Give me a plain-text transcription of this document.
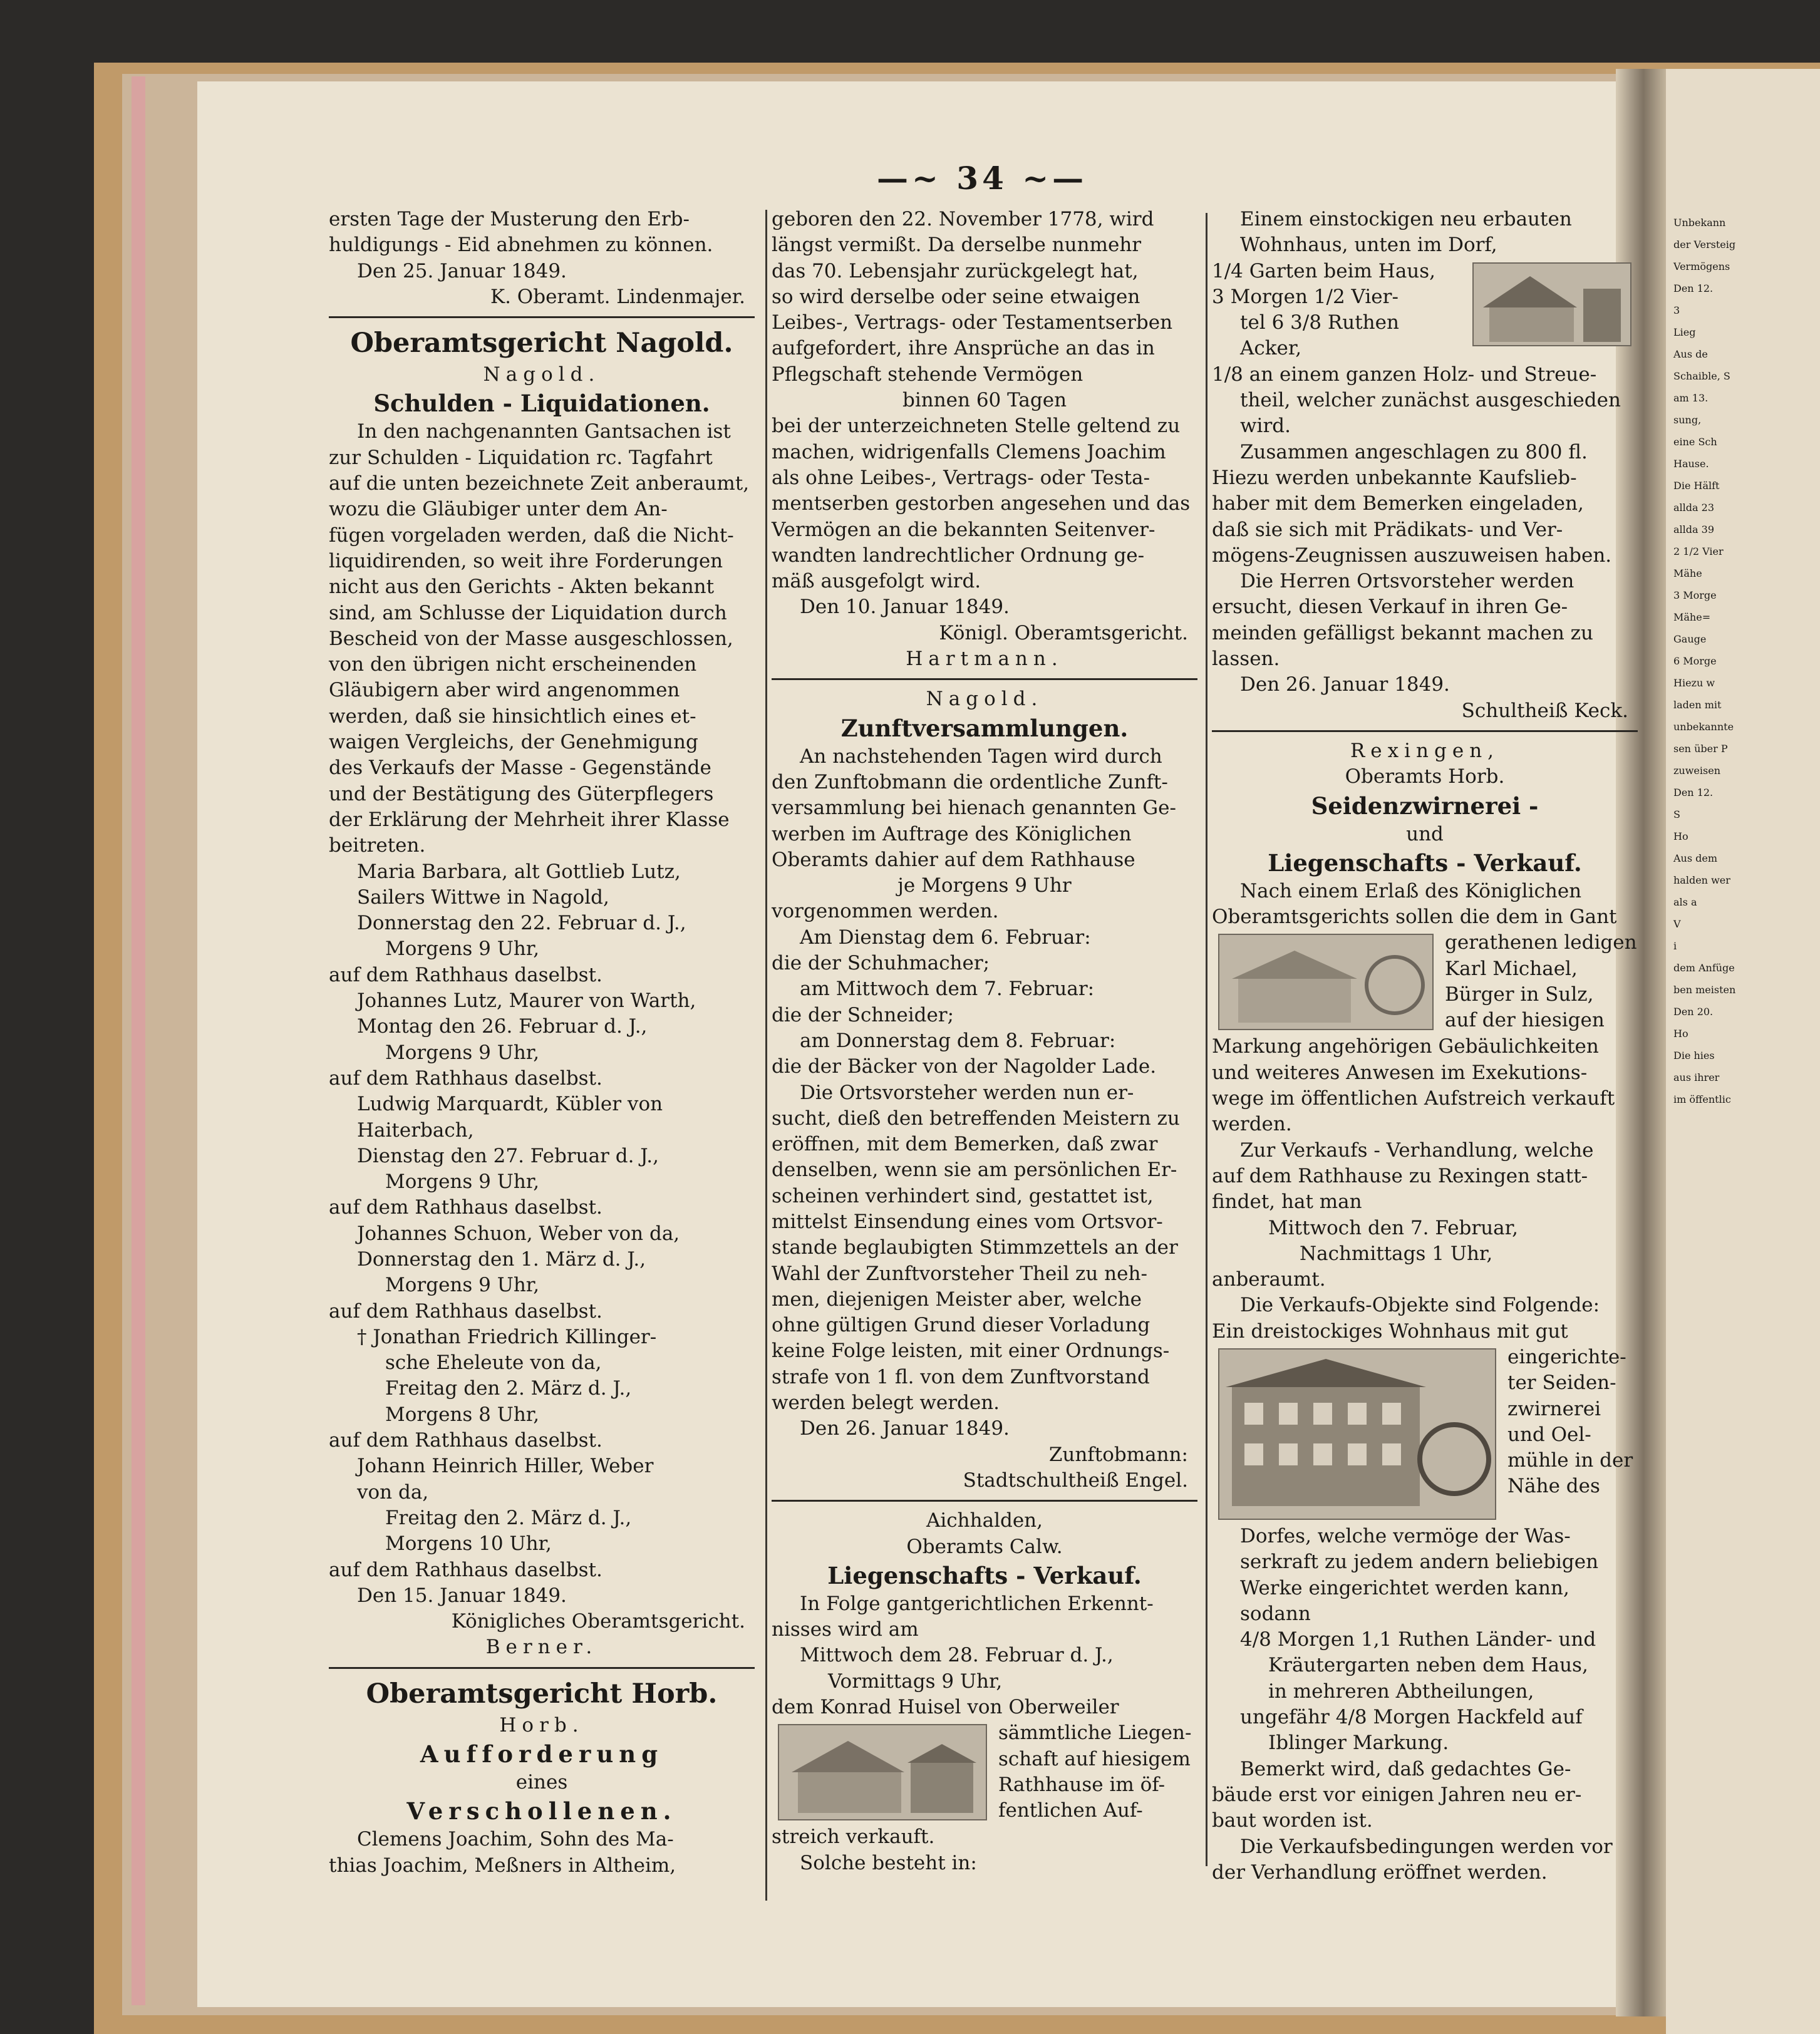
—~ 34 ~—

ersten Tage der Musterung den Erb-

huldigungs - Eid abnehmen zu können.

Den 25. Januar 1849.

K. Oberamt. Lindenmajer.

Oberamtsgericht Nagold.

Nagold.

Schulden - Liquidationen.

In den nachgenannten Gantsachen ist

zur Schulden - Liquidation rc. Tagfahrt

auf die unten bezeichnete Zeit anberaumt,

wozu die Gläubiger unter dem An-

fügen vorgeladen werden, daß die Nicht-

liquidirenden, so weit ihre Forderungen

nicht aus den Gerichts - Akten bekannt

sind, am Schlusse der Liquidation durch

Bescheid von der Masse ausgeschlossen,

von den übrigen nicht erscheinenden

Gläubigern aber wird angenommen

werden, daß sie hinsichtlich eines et-

waigen Vergleichs, der Genehmigung

des Verkaufs der Masse - Gegenstände

und der Bestätigung des Güterpflegers

der Erklärung der Mehrheit ihrer Klasse

beitreten.

Maria Barbara, alt Gottlieb Lutz,

Sailers Wittwe in Nagold,

Donnerstag den 22. Februar d. J.,

Morgens 9 Uhr,

auf dem Rathhaus daselbst.

Johannes Lutz, Maurer von Warth,

Montag den 26. Februar d. J.,

Morgens 9 Uhr,

auf dem Rathhaus daselbst.

Ludwig Marquardt, Kübler von

Haiterbach,

Dienstag den 27. Februar d. J.,

Morgens 9 Uhr,

auf dem Rathhaus daselbst.

Johannes Schuon, Weber von da,

Donnerstag den 1. März d. J.,

Morgens 9 Uhr,

auf dem Rathhaus daselbst.

† Jonathan Friedrich Killinger-

sche Eheleute von da,

Freitag den 2. März d. J.,

Morgens 8 Uhr,

auf dem Rathhaus daselbst.

Johann Heinrich Hiller, Weber

von da,

Freitag den 2. März d. J.,

Morgens 10 Uhr,

auf dem Rathhaus daselbst.

Den 15. Januar 1849.

Königliches Oberamtsgericht.

Berner.

Oberamtsgericht Horb.

Horb.

Aufforderung

eines

Verschollenen.

Clemens Joachim, Sohn des Ma-

thias Joachim, Meßners in Altheim,

geboren den 22. November 1778, wird

längst vermißt. Da derselbe nunmehr

das 70. Lebensjahr zurückgelegt hat,

so wird derselbe oder seine etwaigen

Leibes-, Vertrags- oder Testamentserben

aufgefordert, ihre Ansprüche an das in

Pflegschaft stehende Vermögen

binnen 60 Tagen

bei der unterzeichneten Stelle geltend zu

machen, widrigenfalls Clemens Joachim

als ohne Leibes-, Vertrags- oder Testa-

mentserben gestorben angesehen und das

Vermögen an die bekannten Seitenver-

wandten landrechtlicher Ordnung ge-

mäß ausgefolgt wird.

Den 10. Januar 1849.

Königl. Oberamtsgericht.

Hartmann.

Nagold.

Zunftversammlungen.

An nachstehenden Tagen wird durch

den Zunftobmann die ordentliche Zunft-

versammlung bei hienach genannten Ge-

werben im Auftrage des Königlichen

Oberamts dahier auf dem Rathhause

je Morgens 9 Uhr

vorgenommen werden.

Am Dienstag dem 6. Februar:

die der Schuhmacher;

am Mittwoch dem 7. Februar:

die der Schneider;

am Donnerstag dem 8. Februar:

die der Bäcker von der Nagolder Lade.

Die Ortsvorsteher werden nun er-

sucht, dieß den betreffenden Meistern zu

eröffnen, mit dem Bemerken, daß zwar

denselben, wenn sie am persönlichen Er-

scheinen verhindert sind, gestattet ist,

mittelst Einsendung eines vom Ortsvor-

stande beglaubigten Stimmzettels an der

Wahl der Zunftvorsteher Theil zu neh-

men, diejenigen Meister aber, welche

ohne gültigen Grund dieser Vorladung

keine Folge leisten, mit einer Ordnungs-

strafe von 1 fl. von dem Zunftvorstand

werden belegt werden.

Den 26. Januar 1849.

Zunftobmann:

Stadtschultheiß Engel.

Aichhalden,

Oberamts Calw.

Liegenschafts - Verkauf.

In Folge gantgerichtlichen Erkennt-

nisses wird am

Mittwoch dem 28. Februar d. J.,

Vormittags 9 Uhr,

dem Konrad Huisel von Oberweiler

sämmtliche Liegen-

schaft auf hiesigem

Rathhause im öf-

fentlichen Auf-

streich verkauft.

Solche besteht in:

Einem einstockigen neu erbauten

Wohnhaus, unten im Dorf,

1/4 Garten beim Haus,

3 Morgen 1/2 Vier-

tel 6 3/8 Ruthen

Acker,

1/8 an einem ganzen Holz- und Streue-

theil, welcher zunächst ausgeschieden

wird.

Zusammen angeschlagen zu 800 fl.

Hiezu werden unbekannte Kaufslieb-

haber mit dem Bemerken eingeladen,

daß sie sich mit Prädikats- und Ver-

mögens-Zeugnissen auszuweisen haben.

Die Herren Ortsvorsteher werden

ersucht, diesen Verkauf in ihren Ge-

meinden gefälligst bekannt machen zu

lassen.

Den 26. Januar 1849.

Schultheiß Keck.

Rexingen,

Oberamts Horb.

Seidenzwirnerei -

und

Liegenschafts - Verkauf.

Nach einem Erlaß des Königlichen

Oberamtsgerichts sollen die dem in Gant

gerathenen ledigen

Karl Michael,

Bürger in Sulz,

auf der hiesigen

Markung angehörigen Gebäulichkeiten

und weiteres Anwesen im Exekutions-

wege im öffentlichen Aufstreich verkauft

werden.

Zur Verkaufs - Verhandlung, welche

auf dem Rathhause zu Rexingen statt-

findet, hat man

Mittwoch den 7. Februar,

Nachmittags 1 Uhr,

anberaumt.

Die Verkaufs-Objekte sind Folgende:

Ein dreistockiges Wohnhaus mit gut

eingerichte-

ter Seiden-

zwirnerei

und Oel-

mühle in der

Nähe des

Dorfes, welche vermöge der Was-

serkraft zu jedem andern beliebigen

Werke eingerichtet werden kann,

sodann

4/8 Morgen 1,1 Ruthen Länder- und

Kräutergarten neben dem Haus,

in mehreren Abtheilungen,

ungefähr 4/8 Morgen Hackfeld auf

Iblinger Markung.

Bemerkt wird, daß gedachtes Ge-

bäude erst vor einigen Jahren neu er-

baut worden ist.

Die Verkaufsbedingungen werden vor

der Verhandlung eröffnet werden.

Unbekann

der Versteig

Vermögens

Den 12.

3

Lieg

Aus de

Schaible, S

am 13.

sung,

eine Sch

Hause.

Die Hälft

allda 23

allda 39

2 1/2 Vier

Mähe

3 Morge

Mähe=

Gauge

6 Morge

Hiezu w

laden mit

unbekannte

sen über P

zuweisen

Den 12.

S

Ho

Aus dem

halden wer

als a

V

i

dem Anfüge

ben meisten

Den 20.

Ho

Die hies

aus ihrer

im öffentlic
